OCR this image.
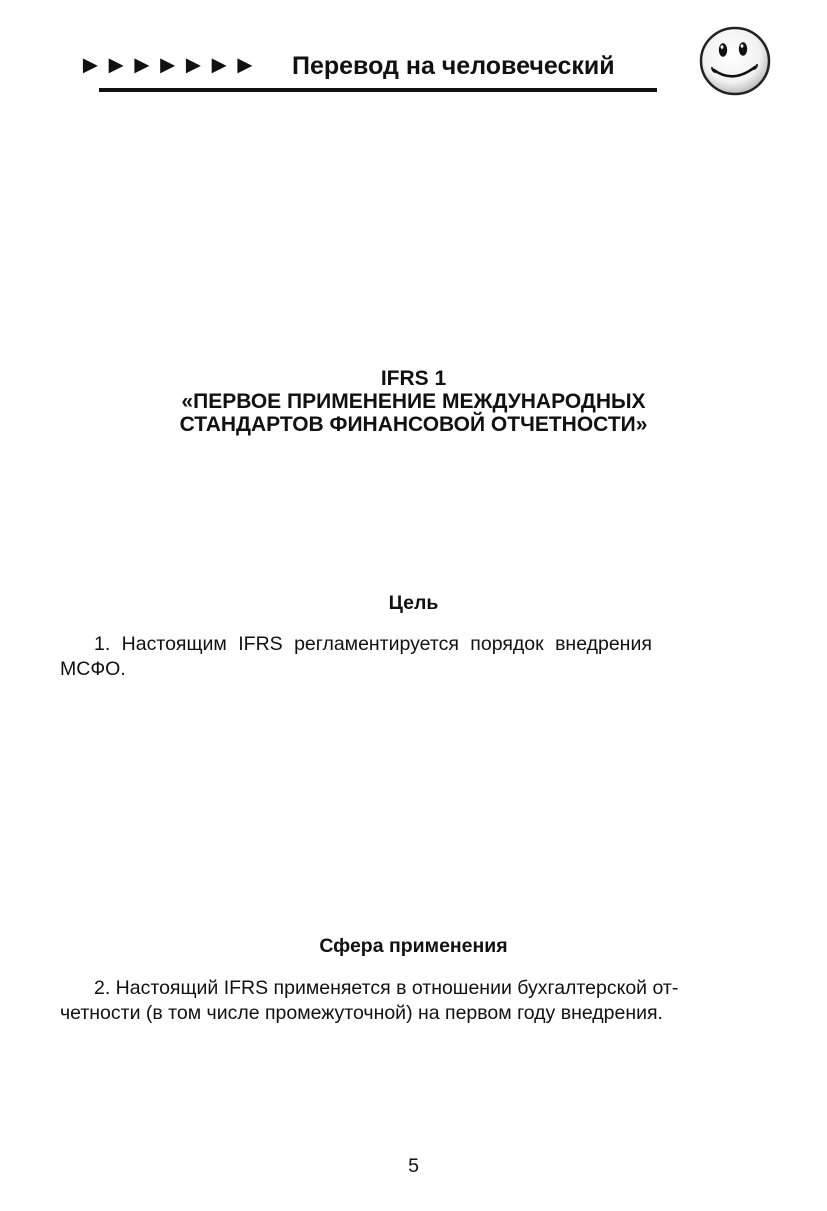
►►►►►►► Перевод на человеческий
IFRS 1
«ПЕРВОЕ ПРИМЕНЕНИЕ МЕЖДУНАРОДНЫХ
СТАНДАРТОВ ФИНАНСОВОЙ ОТЧЕТНОСТИ»
Цель
1. Настоящим IFRS регламентируется порядок внедрения
МСФО.
Сфера применения
2. Настоящий IFRS применяется в отношении бухгалтерской от-
четности (в том числе промежуточной) на первом году внедрения.
5
